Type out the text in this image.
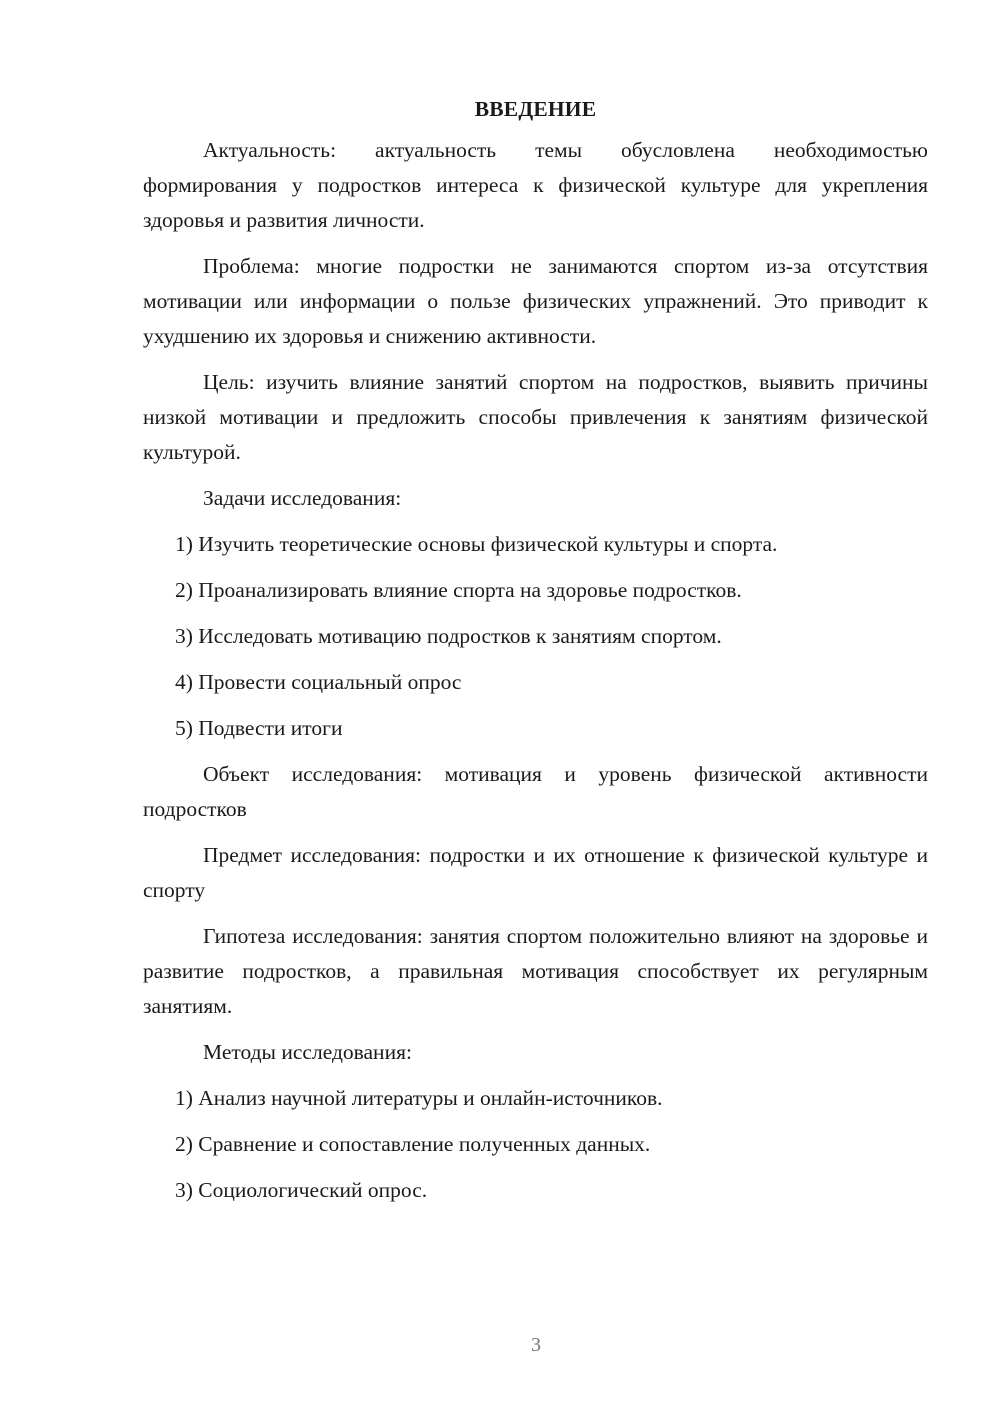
ВВЕДЕНИЕ

Актуальность: актуальность темы обусловлена необходимостью формирования у подростков интереса к физической культуре для укрепления здоровья и развития личности.

Проблема: многие подростки не занимаются спортом из-за отсутствия мотивации или информации о пользе физических упражнений. Это приводит к ухудшению их здоровья и снижению активности.

Цель: изучить влияние занятий спортом на подростков, выявить причины низкой мотивации и предложить способы привлечения к занятиям физической культурой.

Задачи исследования:

1) Изучить теоретические основы физической культуры и спорта.
2) Проанализировать влияние спорта на здоровье подростков.
3) Исследовать мотивацию подростков к занятиям спортом.
4) Провести социальный опрос
5) Подвести итоги

Объект исследования: мотивация и уровень физической активности подростков

Предмет исследования: подростки и их отношение к физической культуре и спорту

Гипотеза исследования: занятия спортом положительно влияют на здоровье и развитие подростков, а правильная мотивация способствует их регулярным занятиям.

Методы исследования:

1) Анализ научной литературы и онлайн-источников.
2) Сравнение и сопоставление полученных данных.
3) Социологический опрос.
3
